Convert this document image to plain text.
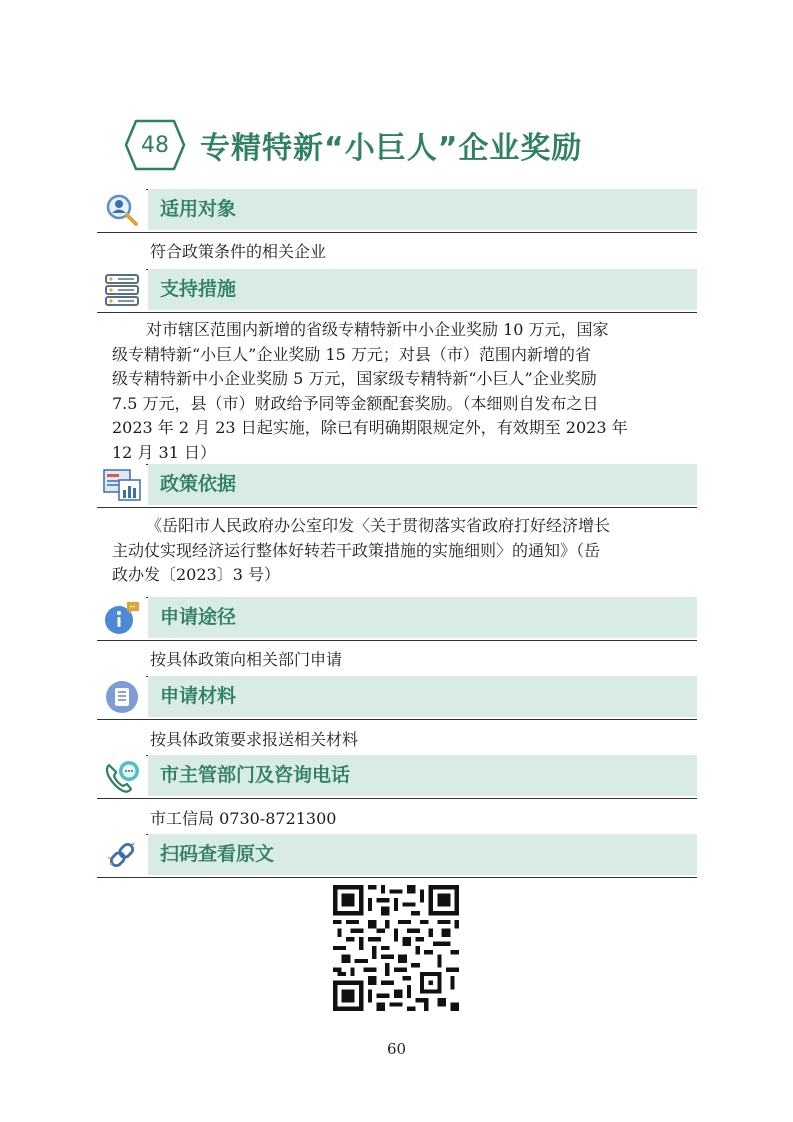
48	专精特新“小巨人”企业奖励
适用对象
符合政策条件的相关企业
支持措施
对市辖区范围内新增的省级专精特新中小企业奖励 10 万元，国家
级专精特新“小巨人”企业奖励 15 万元；对县（市）范围内新增的省
级专精特新中小企业奖励 5 万元，国家级专精特新“小巨人”企业奖励
7.5 万元，县（市）财政给予同等金额配套奖励。（本细则自发布之日
2023 年 2 月 23 日起实施，除已有明确期限规定外，有效期至 2023 年
12 月 31 日）
政策依据
《岳阳市人民政府办公室印发〈关于贯彻落实省政府打好经济增长
主动仗实现经济运行整体好转若干政策措施的实施细则〉的通知》（岳
政办发〔2023〕3 号）
申请途径
按具体政策向相关部门申请
申请材料
按具体政策要求报送相关材料
市主管部门及咨询电话
市工信局 0730-8721300
扫码查看原文
60
